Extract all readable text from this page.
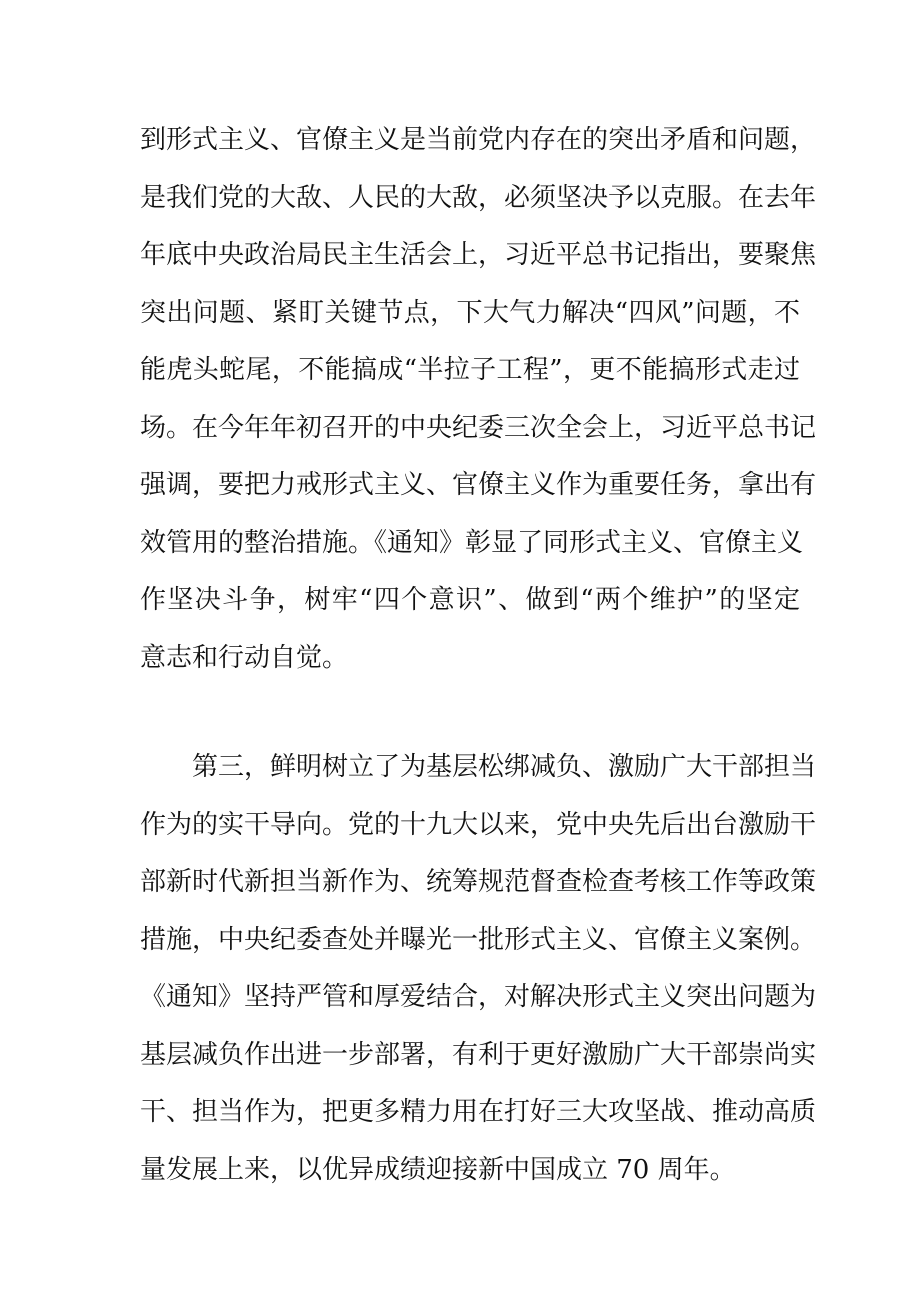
到形式主义、官僚主义是当前党内存在的突出矛盾和问题，
是我们党的大敌、人民的大敌，必须坚决予以克服。在去年
年底中央政治局民主生活会上，习近平总书记指出，要聚焦
突出问题、紧盯关键节点，下大气力解决“四风”问题，不
能虎头蛇尾，不能搞成“半拉子工程”，更不能搞形式走过
场。在今年年初召开的中央纪委三次全会上，习近平总书记
强调，要把力戒形式主义、官僚主义作为重要任务，拿出有
效管用的整治措施。《通知》彰显了同形式主义、官僚主义
作坚决斗争，树牢“四个意识”、做到“两个维护”的坚定
意志和行动自觉。
第三，鲜明树立了为基层松绑减负、激励广大干部担当
作为的实干导向。党的十九大以来，党中央先后出台激励干
部新时代新担当新作为、统筹规范督查检查考核工作等政策
措施，中央纪委查处并曝光一批形式主义、官僚主义案例。
《通知》坚持严管和厚爱结合，对解决形式主义突出问题为
基层减负作出进一步部署，有利于更好激励广大干部崇尚实
干、担当作为，把更多精力用在打好三大攻坚战、推动高质
量发展上来，以优异成绩迎接新中国成立 70 周年。
